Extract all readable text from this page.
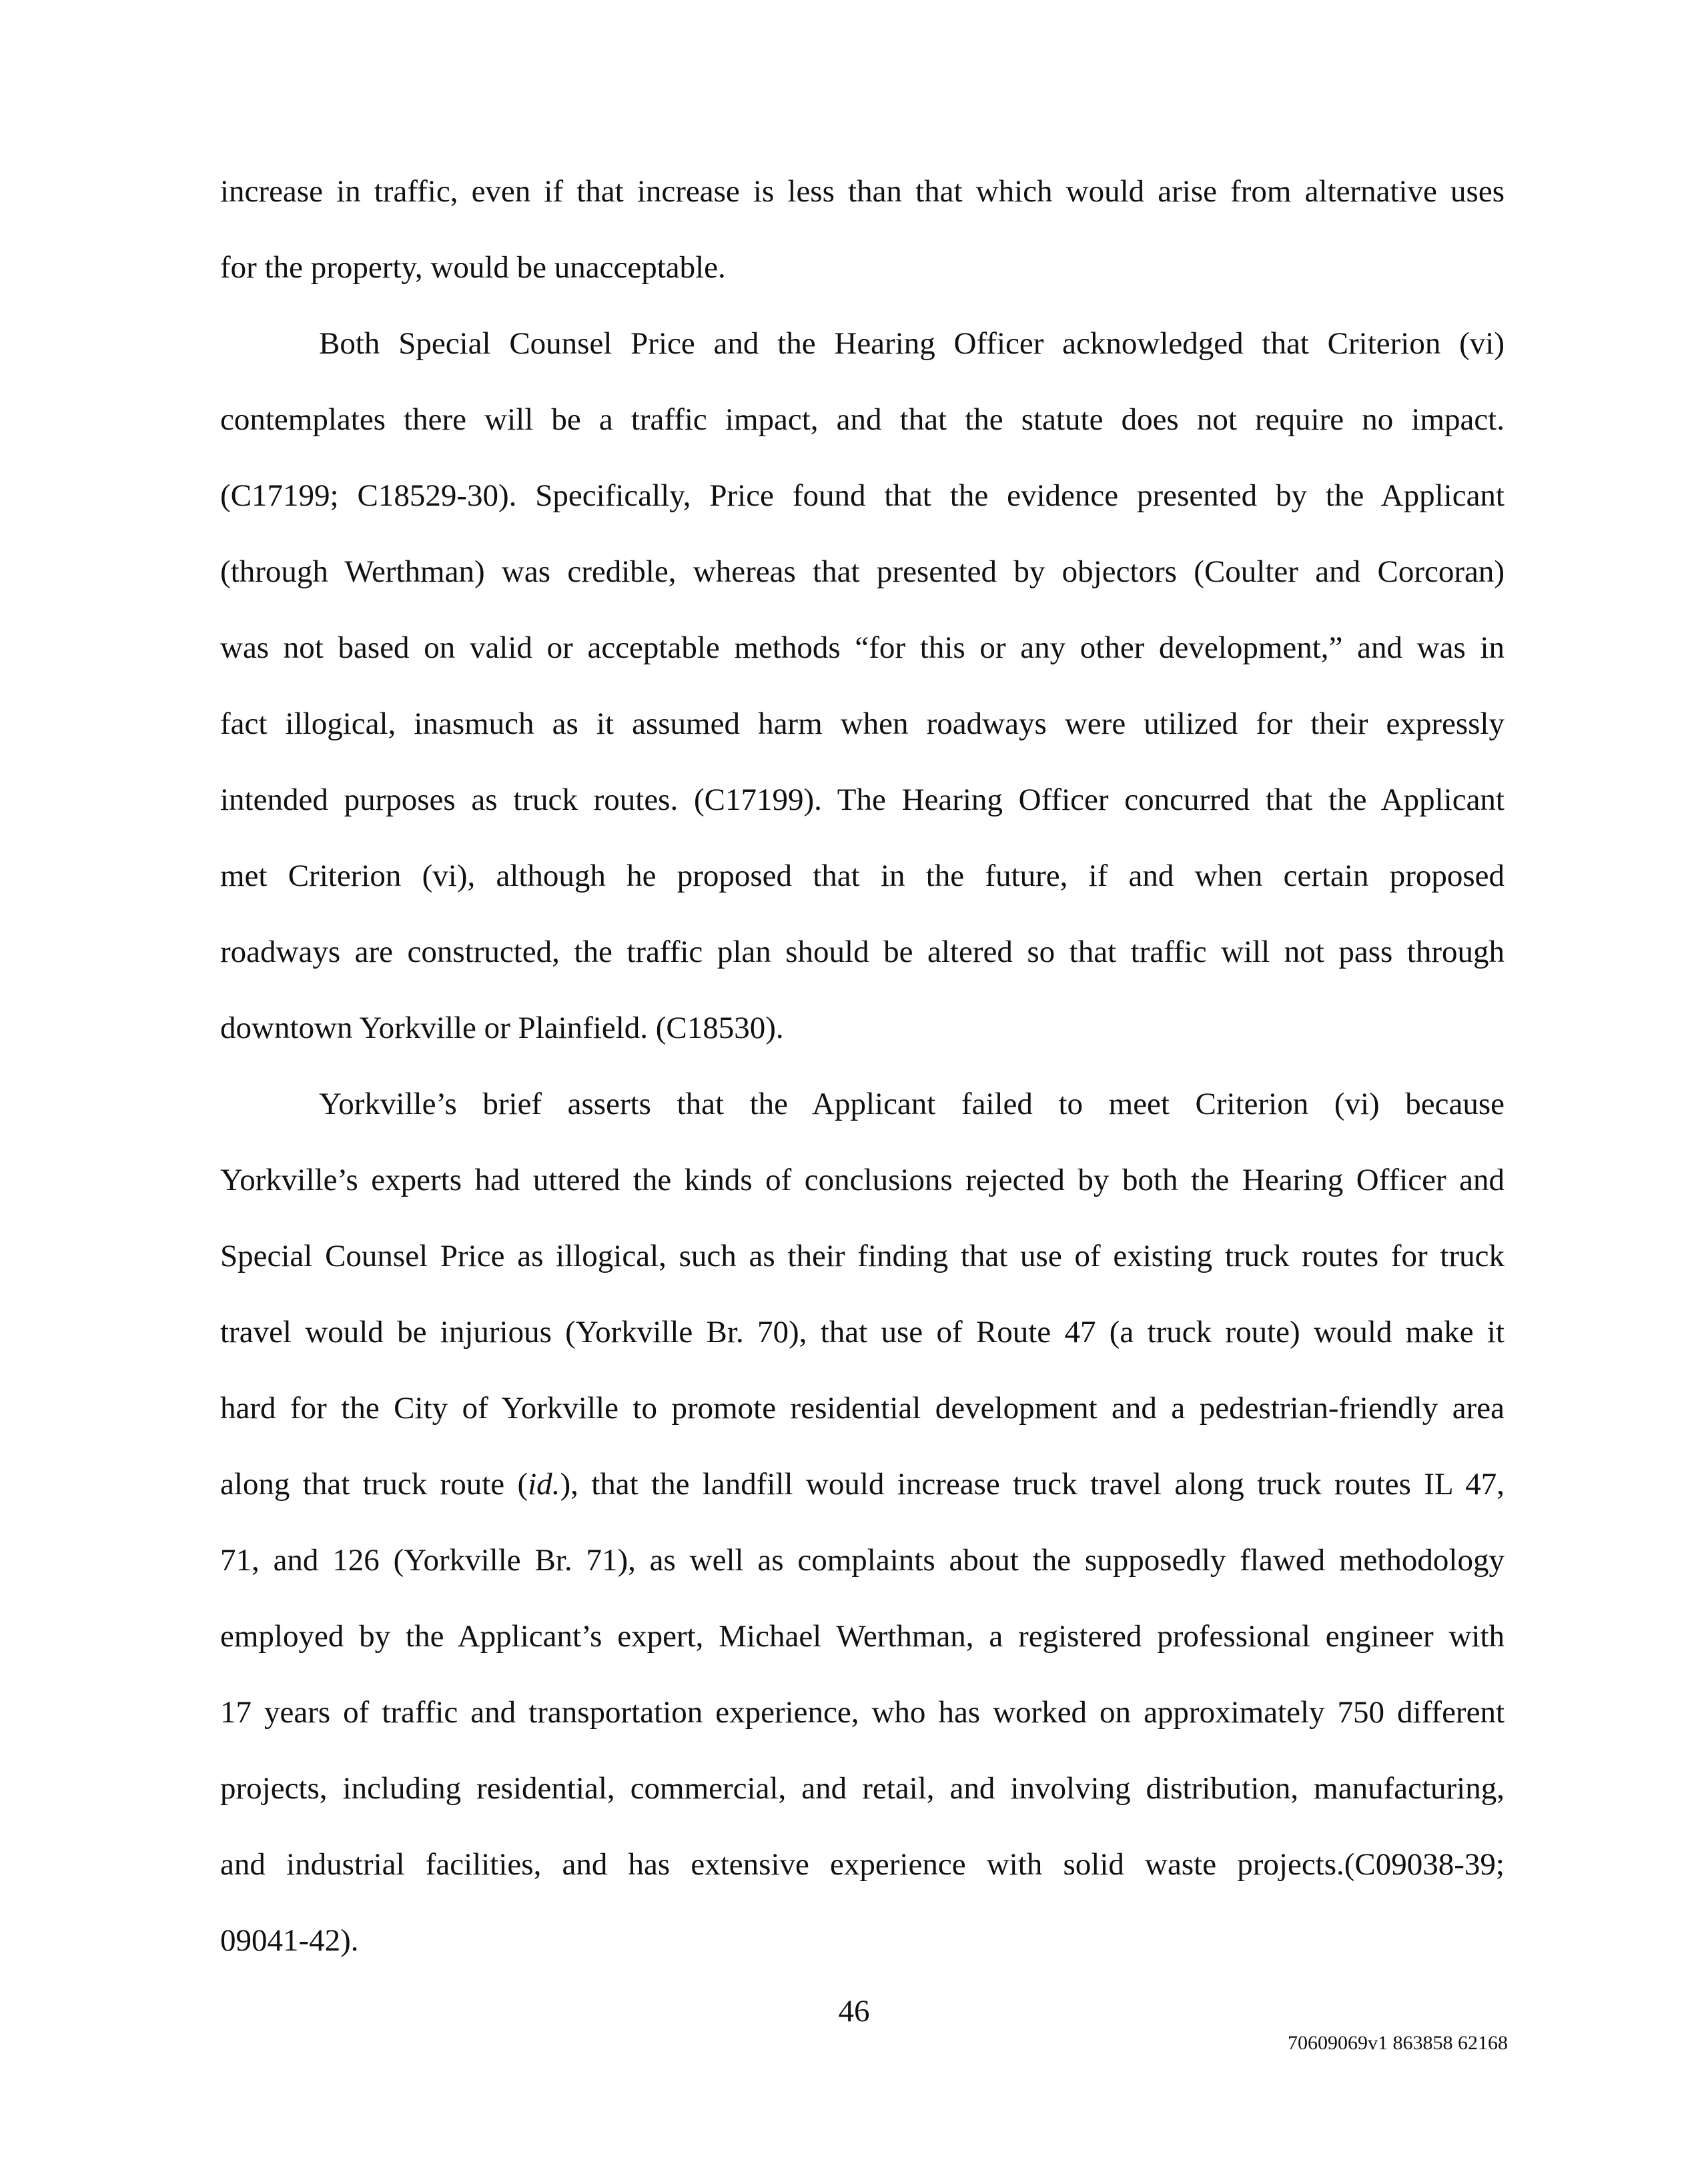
increase in traffic, even if that increase is less than that which would arise from alternative uses
for the property, would be unacceptable.
Both Special Counsel Price and the Hearing Officer acknowledged that Criterion (vi)
contemplates there will be a traffic impact, and that the statute does not require no impact.
(C17199; C18529-30). Specifically, Price found that the evidence presented by the Applicant
(through Werthman) was credible, whereas that presented by objectors (Coulter and Corcoran)
was not based on valid or acceptable methods “for this or any other development,” and was in
fact illogical, inasmuch as it assumed harm when roadways were utilized for their expressly
intended purposes as truck routes. (C17199). The Hearing Officer concurred that the Applicant
met Criterion (vi), although he proposed that in the future, if and when certain proposed
roadways are constructed, the traffic plan should be altered so that traffic will not pass through
downtown Yorkville or Plainfield. (C18530).
Yorkville’s brief asserts that the Applicant failed to meet Criterion (vi) because
Yorkville’s experts had uttered the kinds of conclusions rejected by both the Hearing Officer and
Special Counsel Price as illogical, such as their finding that use of existing truck routes for truck
travel would be injurious (Yorkville Br. 70), that use of Route 47 (a truck route) would make it
hard for the City of Yorkville to promote residential development and a pedestrian-friendly area
along that truck route (id.), that the landfill would increase truck travel along truck routes IL 47,
71, and 126 (Yorkville Br. 71), as well as complaints about the supposedly flawed methodology
employed by the Applicant’s expert, Michael Werthman, a registered professional engineer with
17 years of traffic and transportation experience, who has worked on approximately 750 different
projects, including residential, commercial, and retail, and involving distribution, manufacturing,
and industrial facilities, and has extensive experience with solid waste projects.(C09038-39;
09041-42).
46
70609069v1 863858 62168
